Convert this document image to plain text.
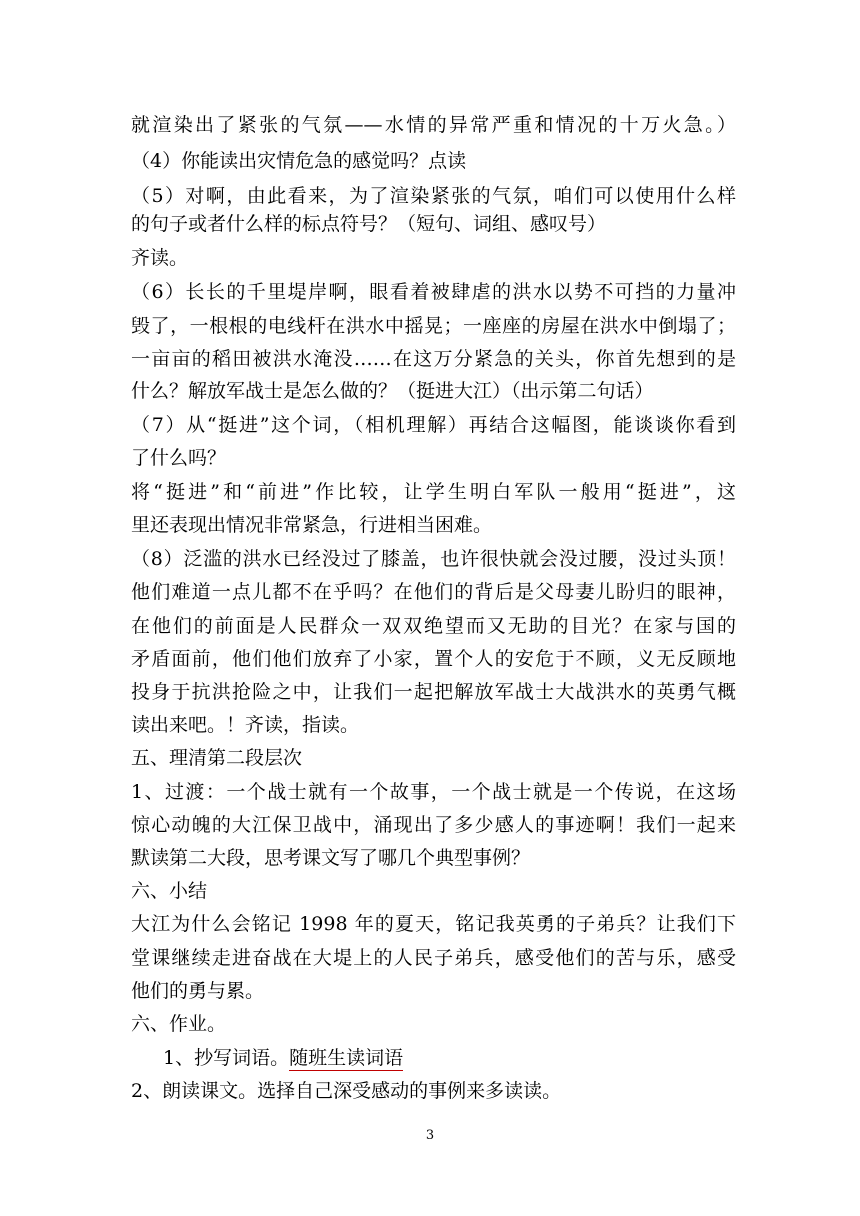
就渲染出了紧张的气氛——水情的异常严重和情况的十万火急。）
（4）你能读出灾情危急的感觉吗？点读
（5）对啊，由此看来，为了渲染紧张的气氛，咱们可以使用什么样
的句子或者什么样的标点符号？（短句、词组、感叹号）
齐读。
（6）长长的千里堤岸啊，眼看着被肆虐的洪水以势不可挡的力量冲
毁了，一根根的电线杆在洪水中摇晃；一座座的房屋在洪水中倒塌了；
一亩亩的稻田被洪水淹没……在这万分紧急的关头，你首先想到的是
什么？解放军战士是怎么做的？（挺进大江）（出示第二句话）
（7）从“挺进”这个词，（相机理解）再结合这幅图，能谈谈你看到
了什么吗？
将“挺进”和“前进”作比较，让学生明白军队一般用“挺进”，这
里还表现出情况非常紧急，行进相当困难。
（8）泛滥的洪水已经没过了膝盖，也许很快就会没过腰，没过头顶！
他们难道一点儿都不在乎吗？在他们的背后是父母妻儿盼归的眼神，
在他们的前面是人民群众一双双绝望而又无助的目光？在家与国的
矛盾面前，他们他们放弃了小家，置个人的安危于不顾，义无反顾地
投身于抗洪抢险之中，让我们一起把解放军战士大战洪水的英勇气概
读出来吧。！齐读，指读。
五、理清第二段层次
1、过渡：一个战士就有一个故事，一个战士就是一个传说，在这场
惊心动魄的大江保卫战中，涌现出了多少感人的事迹啊！我们一起来
默读第二大段，思考课文写了哪几个典型事例？
六、小结
大江为什么会铭记 1998 年的夏天，铭记我英勇的子弟兵？让我们下
堂课继续走进奋战在大堤上的人民子弟兵，感受他们的苦与乐，感受
他们的勇与累。
六、作业。
1、抄写词语。随班生读词语
2、朗读课文。选择自己深受感动的事例来多读读。
3
